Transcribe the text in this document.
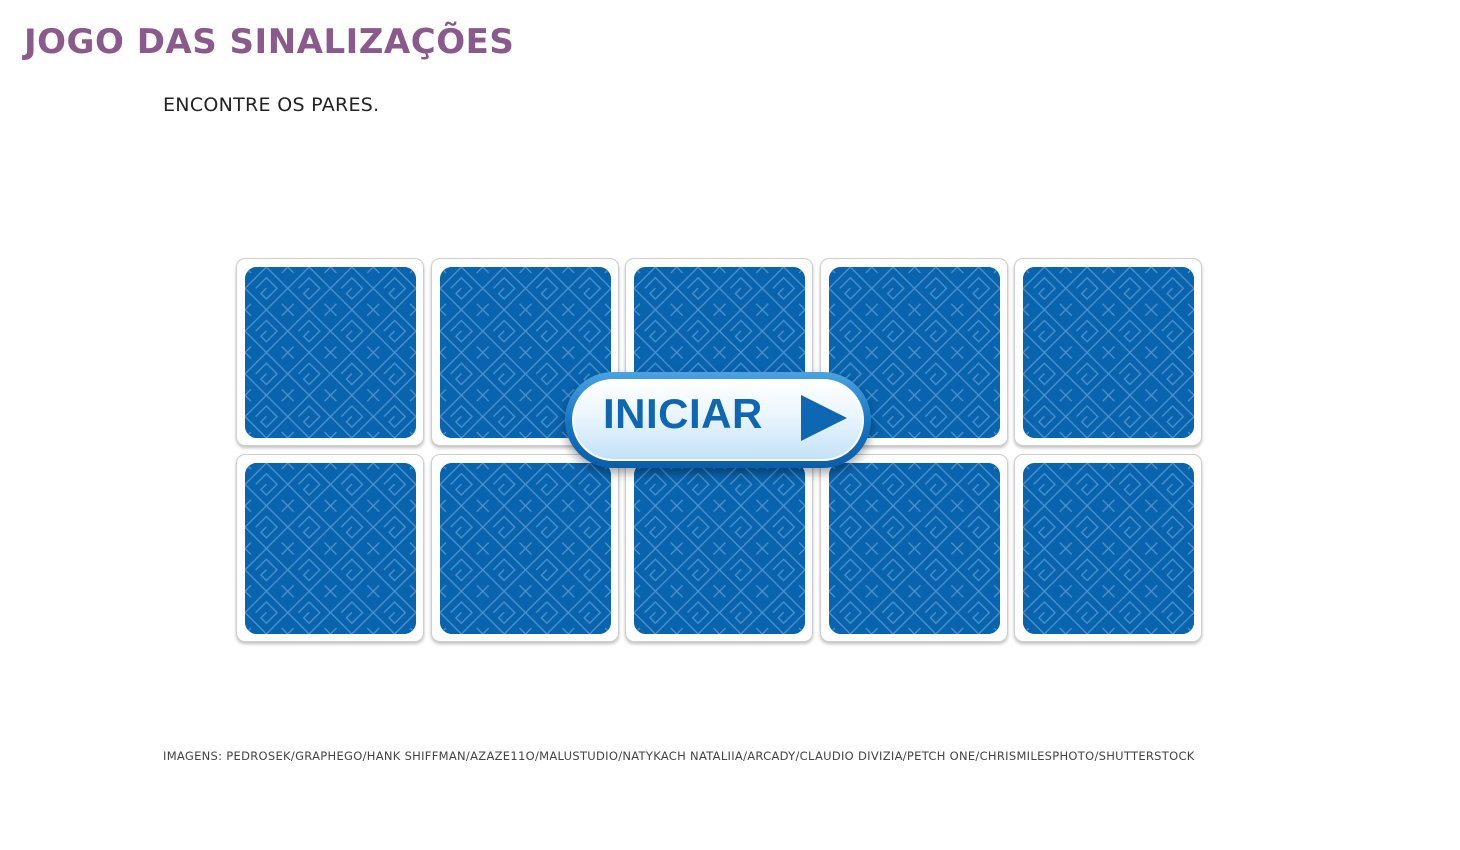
JOGO DAS SINALIZAÇÕES
ENCONTRE OS PARES.
INICIAR
IMAGENS: PEDROSEK/GRAPHEGO/HANK SHIFFMAN/AZAZE11O/MALUSTUDIO/NATYKACH NATALIIA/ARCADY/CLAUDIO DIVIZIA/PETCH ONE/CHRISMILESPHOTO/SHUTTERSTOCK
